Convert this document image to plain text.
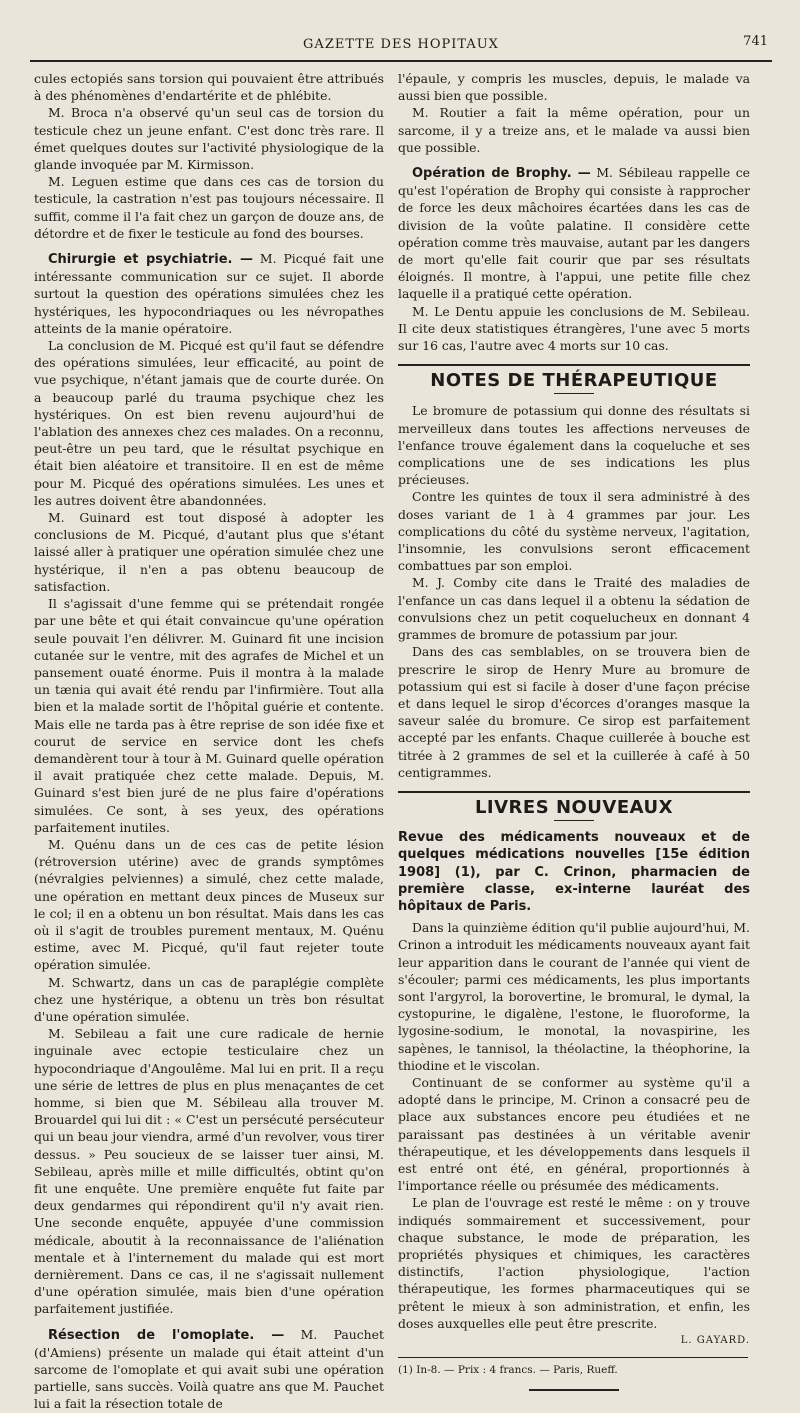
GAZETTE DES HOPITAUX	741

cules ectopiés sans torsion qui pouvaient être attribués à des phénomènes d'endartérite et de phlébite.

M. Broca n'a observé qu'un seul cas de torsion du testicule chez un jeune enfant. C'est donc très rare. Il émet quelques doutes sur l'activité physiologique de la glande invoquée par M. Kirmisson.

M. Leguen estime que dans ces cas de torsion du testicule, la castration n'est pas toujours nécessaire. Il suffit, comme il l'a fait chez un garçon de douze ans, de détordre et de fixer le testicule au fond des bourses.

Chirurgie et psychiatrie. — M. Picqué fait une intéressante communication sur ce sujet. Il aborde surtout la question des opérations simulées chez les hystériques, les hypocondriaques ou les névropathes atteints de la manie opératoire.

La conclusion de M. Picqué est qu'il faut se défendre des opérations simulées, leur efficacité, au point de vue psychique, n'étant jamais que de courte durée. On a beaucoup parlé du trauma psychique chez les hystériques. On est bien revenu aujourd'hui de l'ablation des annexes chez ces malades. On a reconnu, peut-être un peu tard, que le résultat psychique en était bien aléatoire et transitoire. Il en est de même pour M. Picqué des opérations simulées. Les unes et les autres doivent être abandonnées.

M. Guinard est tout disposé à adopter les conclusions de M. Picqué, d'autant plus que s'étant laissé aller à pratiquer une opération simulée chez une hystérique, il n'en a pas obtenu beaucoup de satisfaction.

Il s'agissait d'une femme qui se prétendait rongée par une bête et qui était convaincue qu'une opération seule pouvait l'en délivrer. M. Guinard fit une incision cutanée sur le ventre, mit des agrafes de Michel et un pansement ouaté énorme. Puis il montra à la malade un tænia qui avait été rendu par l'infirmière. Tout alla bien et la malade sortit de l'hôpital guérie et contente. Mais elle ne tarda pas à être reprise de son idée fixe et courut de service en service dont les chefs demandèrent tour à tour à M. Guinard quelle opération il avait pratiquée chez cette malade. Depuis, M. Guinard s'est bien juré de ne plus faire d'opérations simulées. Ce sont, à ses yeux, des opérations parfaitement inutiles.

M. Quénu dans un de ces cas de petite lésion (rétroversion utérine) avec de grands symptômes (névralgies pelviennes) a simulé, chez cette malade, une opération en mettant deux pinces de Museux sur le col; il en a obtenu un bon résultat. Mais dans les cas où il s'agit de troubles purement mentaux, M. Quénu estime, avec M. Picqué, qu'il faut rejeter toute opération simulée.

M. Schwartz, dans un cas de paraplégie complète chez une hystérique, a obtenu un très bon résultat d'une opération simulée.

M. Sebileau a fait une cure radicale de hernie inguinale avec ectopie testiculaire chez un hypocondriaque d'Angoulême. Mal lui en prit. Il a reçu une série de lettres de plus en plus menaçantes de cet homme, si bien que M. Sébileau alla trouver M. Brouardel qui lui dit : « C'est un persécuté persécuteur qui un beau jour viendra, armé d'un revolver, vous tirer dessus. » Peu soucieux de se laisser tuer ainsi, M. Sebileau, après mille et mille difficultés, obtint qu'on fit une enquête. Une première enquête fut faite par deux gendarmes qui répondirent qu'il n'y avait rien. Une seconde enquête, appuyée d'une commission médicale, aboutit à la reconnaissance de l'aliénation mentale et à l'internement du malade qui est mort dernièrement. Dans ce cas, il ne s'agissait nullement d'une opération simulée, mais bien d'une opération parfaitement justifiée.

Résection de l'omoplate. — M. Pauchet (d'Amiens) présente un malade qui était atteint d'un sarcome de l'omoplate et qui avait subi une opération partielle, sans succès. Voilà quatre ans que M. Pauchet lui a fait la résection totale de

l'épaule, y compris les muscles, depuis, le malade va aussi bien que possible.

M. Routier a fait la même opération, pour un sarcome, il y a treize ans, et le malade va aussi bien que possible.

Opération de Brophy. — M. Sébileau rappelle ce qu'est l'opération de Brophy qui consiste à rapprocher de force les deux mâchoires écartées dans les cas de division de la voûte palatine. Il considère cette opération comme très mauvaise, autant par les dangers de mort qu'elle fait courir que par ses résultats éloignés. Il montre, à l'appui, une petite fille chez laquelle il a pratiqué cette opération.

M. Le Dentu appuie les conclusions de M. Sebileau. Il cite deux statistiques étrangères, l'une avec 5 morts sur 16 cas, l'autre avec 4 morts sur 10 cas.

NOTES DE THÉRAPEUTIQUE

Le bromure de potassium qui donne des résultats si merveilleux dans toutes les affections nerveuses de l'enfance trouve également dans la coqueluche et ses complications une de ses indications les plus précieuses.

Contre les quintes de toux il sera administré à des doses variant de 1 à 4 grammes par jour. Les complications du côté du système nerveux, l'agitation, l'insomnie, les convulsions seront efficacement combattues par son emploi.

M. J. Comby cite dans le Traité des maladies de l'enfance un cas dans lequel il a obtenu la sédation de convulsions chez un petit coquelucheux en donnant 4 grammes de bromure de potassium par jour.

Dans des cas semblables, on se trouvera bien de prescrire le sirop de Henry Mure au bromure de potassium qui est si facile à doser d'une façon précise et dans lequel le sirop d'écorces d'oranges masque la saveur salée du bromure. Ce sirop est parfaitement accepté par les enfants. Chaque cuillerée à bouche est titrée à 2 grammes de sel et la cuillerée à café à 50 centigrammes.

LIVRES NOUVEAUX

Revue des médicaments nouveaux et de quelques médications nouvelles [15e édition 1908] (1), par C. Crinon, pharmacien de première classe, ex-interne lauréat des hôpitaux de Paris.

Dans la quinzième édition qu'il publie aujourd'hui, M. Crinon a introduit les médicaments nouveaux ayant fait leur apparition dans le courant de l'année qui vient de s'écouler; parmi ces médicaments, les plus importants sont l'argyrol, la borovertine, le bromural, le dymal, la cystopurine, le digalène, l'estone, le fluoroforme, la lygosine-sodium, le monotal, la novaspirine, les sapènes, le tannisol, la théolactine, la théophorine, la thiodine et le viscolan.

Continuant de se conformer au système qu'il a adopté dans le principe, M. Crinon a consacré peu de place aux substances encore peu étudiées et ne paraissant pas destinées à un véritable avenir thérapeutique, et les développements dans lesquels il est entré ont été, en général, proportionnés à l'importance réelle ou présumée des médicaments.

Le plan de l'ouvrage est resté le même : on y trouve indiqués sommairement et successivement, pour chaque substance, le mode de préparation, les propriétés physiques et chimiques, les caractères distinctifs, l'action physiologique, l'action thérapeutique, les formes pharmaceutiques qui se prêtent le mieux à son administration, et enfin, les doses auxquelles elle peut être prescrite.

L. GAYARD.

(1) In-8. — Prix : 4 francs. — Paris, Rueff.
